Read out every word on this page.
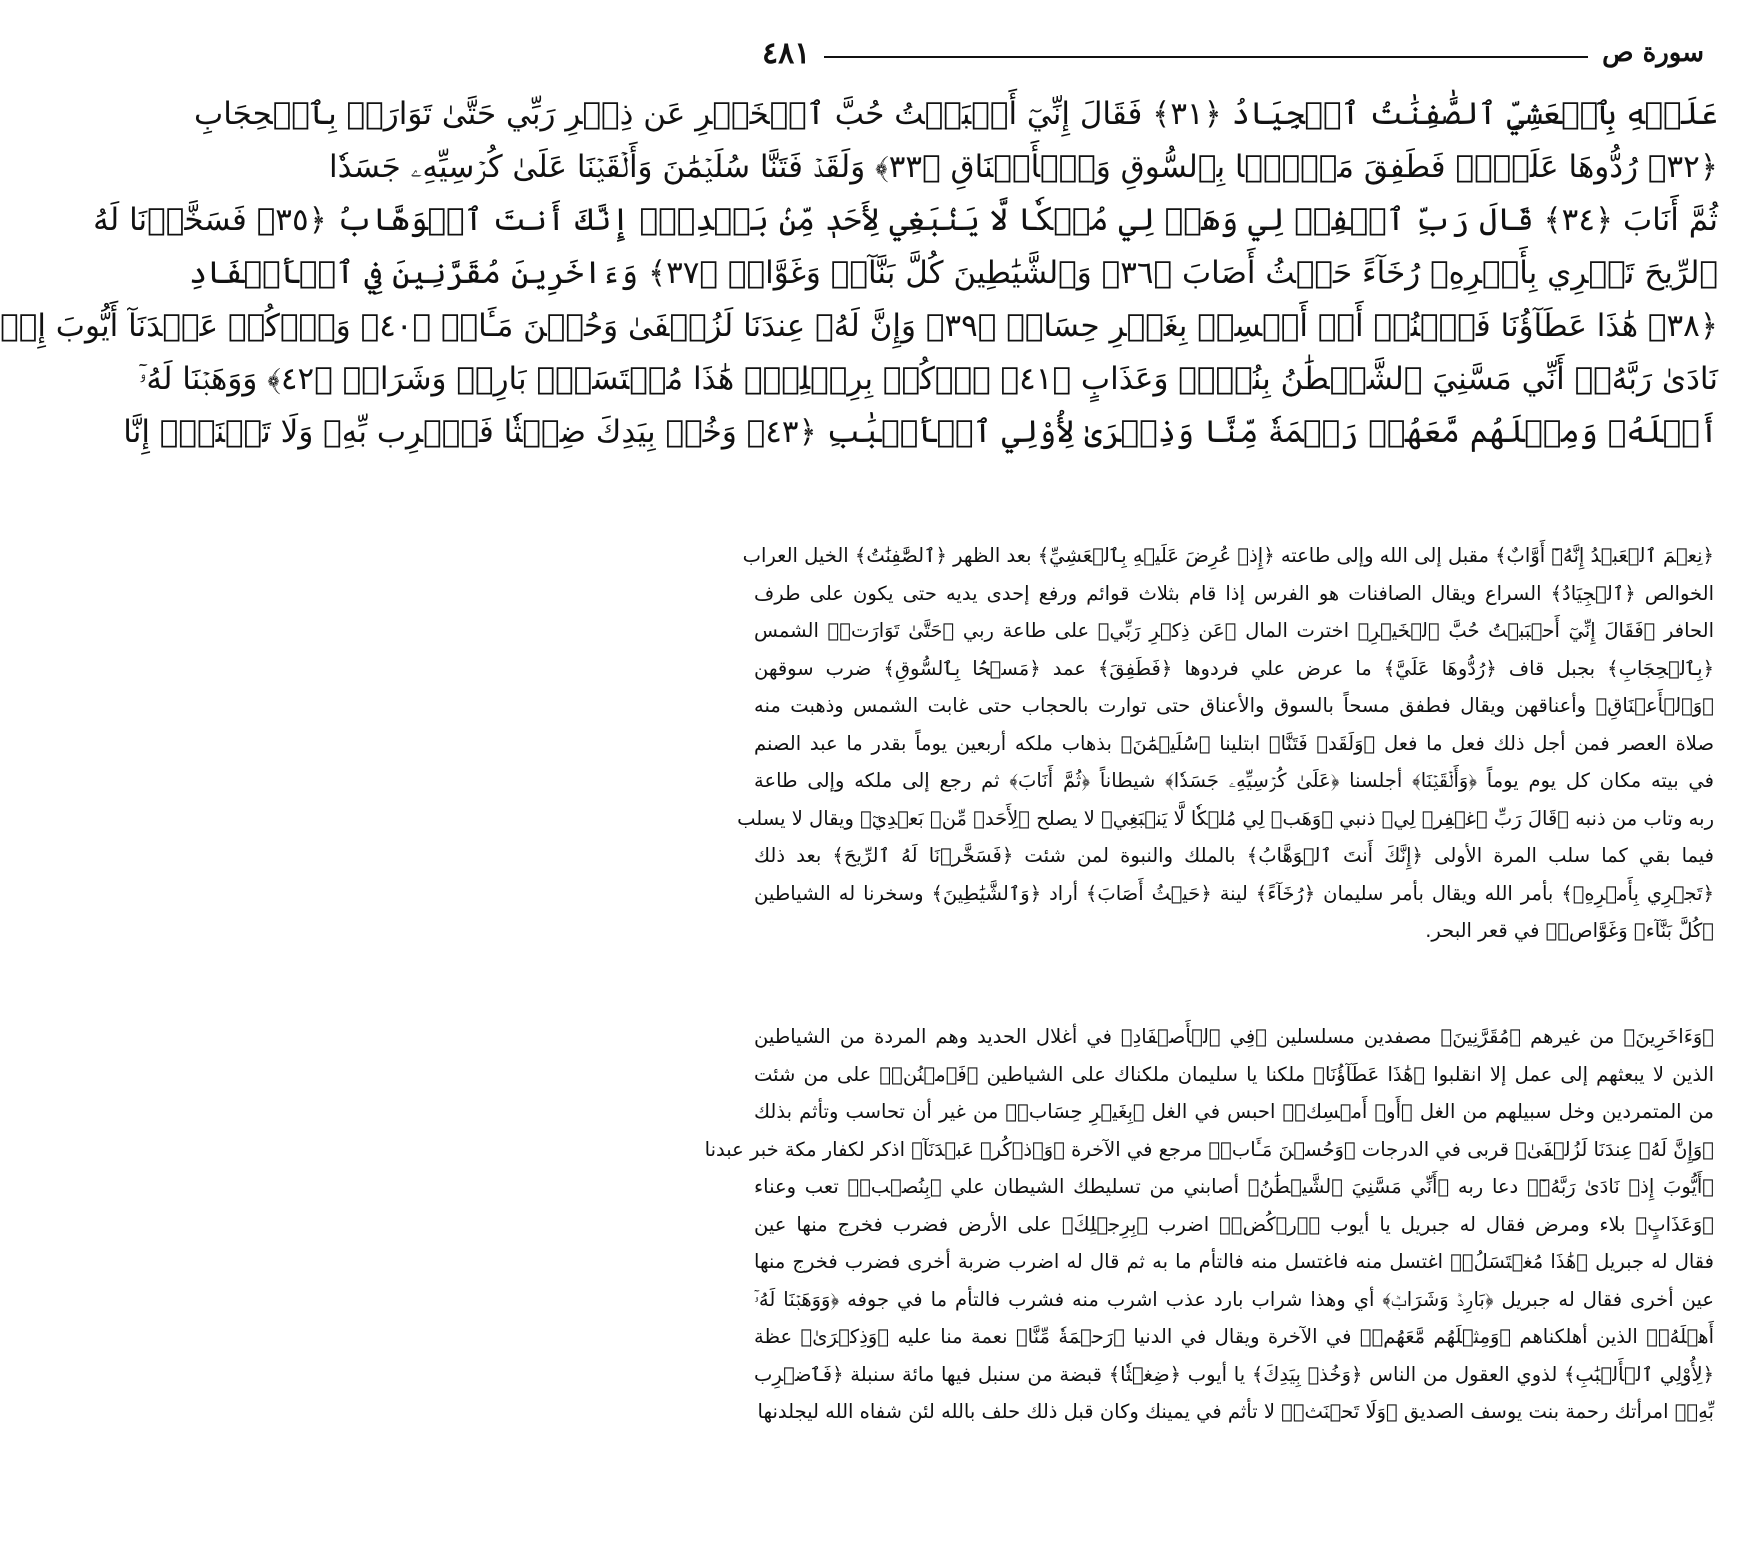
سورة ص
٤٨١
عَلَيۡهِ بِٱلۡعَشِيِّ ٱلصَّٰفِنَٰتُ ٱلۡجِيَادُ ﴿٣١﴾ فَقَالَ إِنِّيٓ أَحۡبَبۡتُ حُبَّ ٱلۡخَيۡرِ عَن ذِكۡرِ رَبِّي حَتَّىٰ تَوَارَتۡ بِٱلۡحِجَابِ
﴿٣٢﴾ رُدُّوهَا عَلَيَّۖ فَطَفِقَ مَسۡحَۢا بِٱلسُّوقِ وَٱلۡأَعۡنَاقِ ﴿٣٣﴾ وَلَقَدۡ فَتَنَّا سُلَيۡمَٰنَ وَأَلۡقَيۡنَا عَلَىٰ كُرۡسِيِّهِۦ جَسَدٗا
ثُمَّ أَنَابَ ﴿٣٤﴾ قَالَ رَبِّ ٱغۡفِرۡ لِي وَهَبۡ لِي مُلۡكٗا لَّا يَنۢبَغِي لِأَحَدٖ مِّنۢ بَعۡدِيٓۖ إِنَّكَ أَنتَ ٱلۡوَهَّابُ ﴿٣٥﴾ فَسَخَّرۡنَا لَهُ
ٱلرِّيحَ تَجۡرِي بِأَمۡرِهِۦ رُخَآءً حَيۡثُ أَصَابَ ﴿٣٦﴾ وَٱلشَّيَٰطِينَ كُلَّ بَنَّآءٖ وَغَوَّاصٖ ﴿٣٧﴾ وَءَاخَرِينَ مُقَرَّنِينَ فِي ٱلۡأَصۡفَادِ
﴿٣٨﴾ هَٰذَا عَطَآؤُنَا فَٱمۡنُنۡ أَوۡ أَمۡسِكۡ بِغَيۡرِ حِسَابٖ ﴿٣٩﴾ وَإِنَّ لَهُۥ عِندَنَا لَزُلۡفَىٰ وَحُسۡنَ مَـَٔابٖ ﴿٤٠﴾ وَٱذۡكُرۡ عَبۡدَنَآ أَيُّوبَ إِذۡ
نَادَىٰ رَبَّهُۥٓ أَنِّي مَسَّنِيَ ٱلشَّيۡطَٰنُ بِنُصۡبٖ وَعَذَابٍ ﴿٤١﴾ ٱرۡكُضۡ بِرِجۡلِكَۖ هَٰذَا مُغۡتَسَلُۢ بَارِدٞ وَشَرَابٞ ﴿٤٢﴾ وَوَهَبۡنَا لَهُۥٓ
أَهۡلَهُۥ وَمِثۡلَهُم مَّعَهُمۡ رَحۡمَةٗ مِّنَّا وَذِكۡرَىٰ لِأُوْلِي ٱلۡأَلۡبَٰبِ ﴿٤٣﴾ وَخُذۡ بِيَدِكَ ضِغۡثٗا فَٱضۡرِب بِّهِۦ وَلَا تَحۡنَثۡۗ إِنَّا
﴿نِعۡمَ ٱلۡعَبۡدُ إِنَّهُۥٓ أَوَّابٌ﴾ مقبل إلى الله وإلى طاعته ﴿إِذۡ عُرِضَ عَلَيۡهِ بِٱلۡعَشِيِّ﴾ بعد الظهر ﴿ٱلصَّٰفِنَٰتُ﴾ الخيل العراب
الخوالص ﴿ٱلۡجِيَادُ﴾ السراع ويقال الصافنات هو الفرس إذا قام بثلاث قوائم ورفع إحدى يديه حتى يكون على طرف
الحافر ﴿فَقَالَ إِنِّيٓ أَحۡبَبۡتُ حُبَّ ٱلۡخَيۡرِ﴾ اخترت المال ﴿عَن ذِكۡرِ رَبِّي﴾ على طاعة ربي ﴿حَتَّىٰ تَوَارَتۡ﴾ الشمس
﴿بِٱلۡحِجَابِ﴾ بجبل قاف ﴿رُدُّوهَا عَلَيَّ﴾ ما عرض علي فردوها ﴿فَطَفِقَ﴾ عمد ﴿مَسۡحَۢا بِٱلسُّوقِ﴾ ضرب سوقهن
﴿وَٱلۡأَعۡنَاقِ﴾ وأعناقهن ويقال فطفق مسحاً بالسوق والأعناق حتى توارت بالحجاب حتى غابت الشمس وذهبت منه
صلاة العصر فمن أجل ذلك فعل ما فعل ﴿وَلَقَدۡ فَتَنَّا﴾ ابتلينا ﴿سُلَيۡمَٰنَ﴾ بذهاب ملكه أربعين يوماً بقدر ما عبد الصنم
في بيته مكان كل يوم يوماً ﴿وَأَلۡقَيۡنَا﴾ أجلسنا ﴿عَلَىٰ كُرۡسِيِّهِۦ جَسَدٗا﴾ شيطاناً ﴿ثُمَّ أَنَابَ﴾ ثم رجع إلى ملكه وإلى طاعة
ربه وتاب من ذنبه ﴿قَالَ رَبِّ ٱغۡفِرۡ لِي﴾ ذنبي ﴿وَهَبۡ لِي مُلۡكٗا لَّا يَنۢبَغِي﴾ لا يصلح ﴿لِأَحَدٖ مِّنۢ بَعۡدِيٓ﴾ ويقال لا يسلب
فيما بقي كما سلب المرة الأولى ﴿إِنَّكَ أَنتَ ٱلۡوَهَّابُ﴾ بالملك والنبوة لمن شئت ﴿فَسَخَّرۡنَا لَهُ ٱلرِّيحَ﴾ بعد ذلك
﴿تَجۡرِي بِأَمۡرِهِۦ﴾ بأمر الله ويقال بأمر سليمان ﴿رُخَآءً﴾ لينة ﴿حَيۡثُ أَصَابَ﴾ أراد ﴿وَٱلشَّيَٰطِينَ﴾ وسخرنا له الشياطين
﴿كُلَّ بَنَّآءٖ وَغَوَّاصٖ﴾ في قعر البحر.
﴿وَءَاخَرِينَ﴾ من غيرهم ﴿مُقَرَّنِينَ﴾ مصفدين مسلسلين ﴿فِي ٱلۡأَصۡفَادِ﴾ في أغلال الحديد وهم المردة من الشياطين
الذين لا يبعثهم إلى عمل إلا انقلبوا ﴿هَٰذَا عَطَآؤُنَا﴾ ملكنا يا سليمان ملكناك على الشياطين ﴿فَٱمۡنُنۡ﴾ على من شئت
من المتمردين وخل سبيلهم من الغل ﴿أَوۡ أَمۡسِكۡ﴾ احبس في الغل ﴿بِغَيۡرِ حِسَابٖ﴾ من غير أن تحاسب وتأثم بذلك
﴿وَإِنَّ لَهُۥ عِندَنَا لَزُلۡفَىٰ﴾ قربى في الدرجات ﴿وَحُسۡنَ مَـَٔابٖ﴾ مرجع في الآخرة ﴿وَٱذۡكُرۡ عَبۡدَنَآ﴾ اذكر لكفار مكة خبر عبدنا
﴿أَيُّوبَ إِذۡ نَادَىٰ رَبَّهُۥٓ﴾ دعا ربه ﴿أَنِّي مَسَّنِيَ ٱلشَّيۡطَٰنُ﴾ أصابني من تسليطك الشيطان علي ﴿بِنُصۡبٖ﴾ تعب وعناء
﴿وَعَذَابٍ﴾ بلاء ومرض فقال له جبريل يا أيوب ﴿ٱرۡكُضۡ﴾ اضرب ﴿بِرِجۡلِكَ﴾ على الأرض فضرب فخرج منها عين
فقال له جبريل ﴿هَٰذَا مُغۡتَسَلُۢ﴾ اغتسل منه فاغتسل منه فالتأم ما به ثم قال له اضرب ضربة أخرى فضرب فخرج منها
عين أخرى فقال له جبريل ﴿بَارِدٞ وَشَرَابٞ﴾ أي وهذا شراب بارد عذب اشرب منه فشرب فالتأم ما في جوفه ﴿وَوَهَبۡنَا لَهُۥٓ
أَهۡلَهُۥ﴾ الذين أهلكناهم ﴿وَمِثۡلَهُم مَّعَهُمۡ﴾ في الآخرة ويقال في الدنيا ﴿رَحۡمَةٗ مِّنَّا﴾ نعمة منا عليه ﴿وَذِكۡرَىٰ﴾ عظة
﴿لِأُوْلِي ٱلۡأَلۡبَٰبِ﴾ لذوي العقول من الناس ﴿وَخُذۡ بِيَدِكَ﴾ يا أيوب ﴿ضِغۡثٗا﴾ قبضة من سنبل فيها مائة سنبلة ﴿فَٱضۡرِب
بِّهِۦ﴾ امرأتك رحمة بنت يوسف الصديق ﴿وَلَا تَحۡنَثۡ﴾ لا تأثم في يمينك وكان قبل ذلك حلف بالله لئن شفاه الله ليجلدنها
